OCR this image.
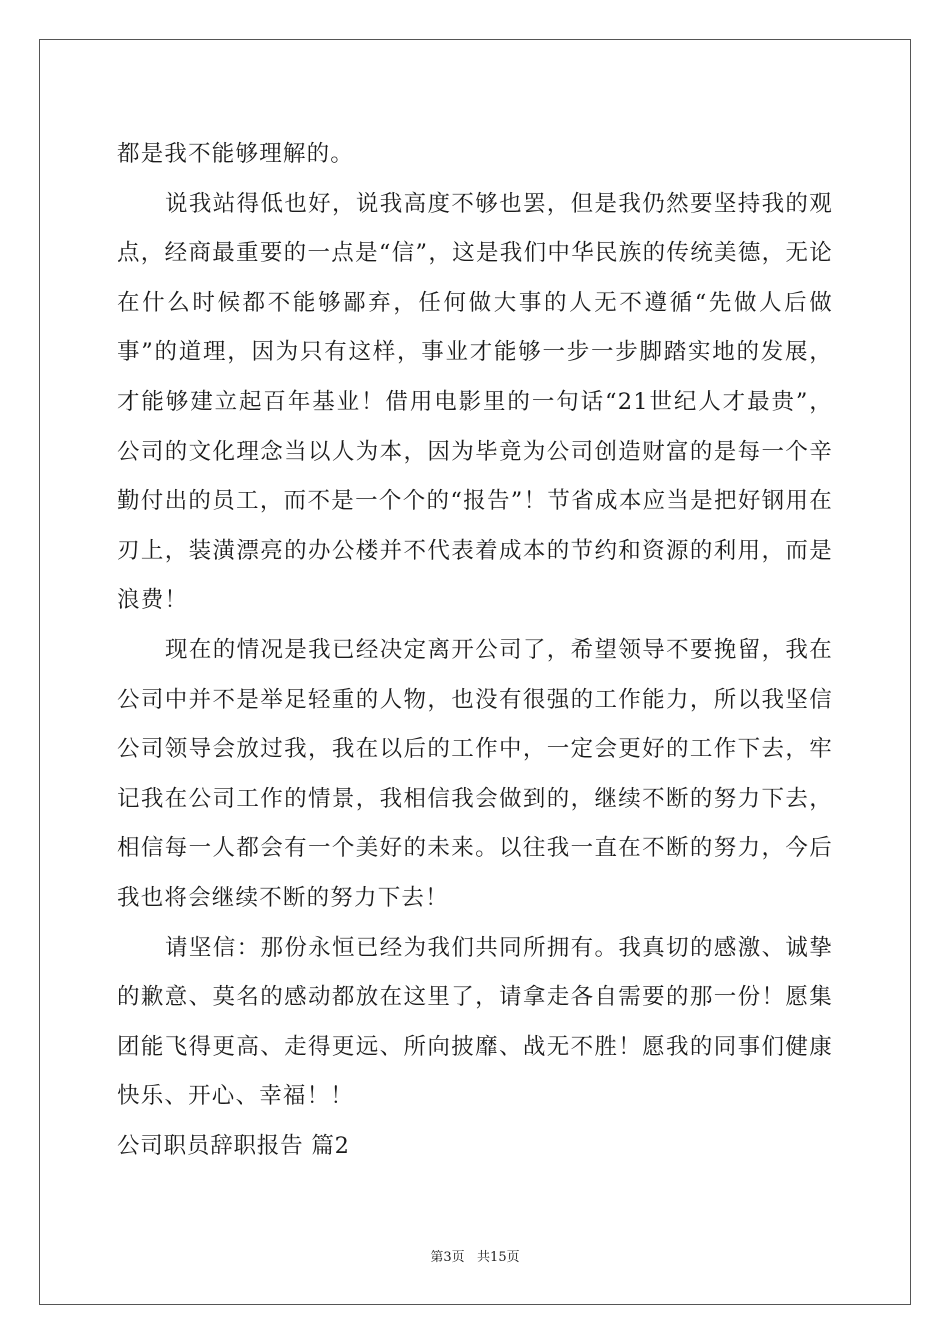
都是我不能够理解的。

说我站得低也好，说我高度不够也罢，但是我仍然要坚持我的观点，经商最重要的一点是“信”，这是我们中华民族的传统美德，无论在什么时候都不能够鄙弃，任何做大事的人无不遵循“先做人后做事”的道理，因为只有这样，事业才能够一步一步脚踏实地的发展，才能够建立起百年基业！借用电影里的一句话“21世纪人才最贵”，公司的文化理念当以人为本，因为毕竟为公司创造财富的是每一个辛勤付出的员工，而不是一个个的“报告”！节省成本应当是把好钢用在刃上，装潢漂亮的办公楼并不代表着成本的节约和资源的利用，而是浪费！

现在的情况是我已经决定离开公司了，希望领导不要挽留，我在公司中并不是举足轻重的人物，也没有很强的工作能力，所以我坚信公司领导会放过我，我在以后的工作中，一定会更好的工作下去，牢记我在公司工作的情景，我相信我会做到的，继续不断的努力下去，相信每一人都会有一个美好的未来。以往我一直在不断的努力，今后我也将会继续不断的努力下去！

请坚信：那份永恒已经为我们共同所拥有。我真切的感激、诚挚的歉意、莫名的感动都放在这里了，请拿走各自需要的那一份！愿集团能飞得更高、走得更远、所向披靡、战无不胜！愿我的同事们健康快乐、开心、幸福！！

公司职员辞职报告 篇2

第3页   共15页
